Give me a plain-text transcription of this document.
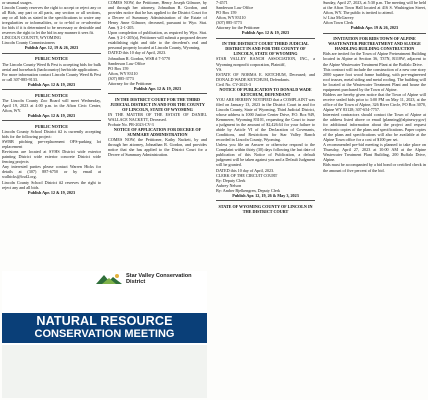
or unusual usages.

Lincoln County reserves the right to accept or reject any or all Bids, any part or all parts, any section or all sections, any or all bids as stated in the specifications to waive any irregularities or informalities, or to re-bid or re-advertise for bids if it is determined to be necessary or desirable and reserves the right to let the bid in any manner it sees fit.

LINCOLN COUNTY, WYOMING

Lincoln County Commissioners

Publish Apr. 12, 19 & 26, 2023

PUBLIC NOTICE

The Lincoln County Weed & Pest is accepting bids for bulk aerial and horseback (backcountry) herbicide applications.

For more information contact Lincoln County Weed & Pest or call 307-885-9133.

Publish Apr. 12 & 19, 2023

PUBLIC NOTICE

The Lincoln County Zoo Board will meet Wednesday, April 19, 2023 at 4:00 p.m. in the Afton Civic Center, Afton, WY.

Publish Apr. 12 & 19, 2023

PUBLIC NOTICE

Lincoln County School District #2 is currently accepting bids for the following project:

SWBB pitching pre-replacement OFS-parking lot replacement

Revisions are located at SVHS District wide exterior painting District wide exterior concrete District wide fencing projects

Any interested parties please contact Warren Hicks for details at (307) 887-6750 or by email at walhicks@lcsd2.org.

Lincoln County School District #2 reserves the right to reject any and all bids.

Publish Apr. 12 & 19, 2023

COMES NOW, the Petitioner, Henry Joseph Gilmore, by and through her attorney, Johnathan R. Gordon, and provides notice that he has applied to the District Court for a Decree of Summary Administration of the Estate of Henry Anne Gilmore, deceased, pursuant to Wyo. Stat. Ann. § 2-1-205.

Upon completion of publication, as required by Wyo. Stat. Ann. § 2-1-205(a), Petitioner will submit a proposed decree establishing right and title to the decedent's real and personal property located at Lincoln County, Wyoming.

DATED this 10 day of April, 2023.

Johnathan R. Gordon, WSB # 7-5770

Sanderson Law Office

PO Box 159

Afton, WY 83110

(307) 885-3773

Attorney for the Petitioner

Publish Apr. 12 & 19, 2023

IN THE DISTRICT COURT FOR THE THIRD JUDICIAL DISTRICT IN AND FOR THE COUNTY OF LINCOLN, STATE OF WYOMING

IN THE MATTER OF THE ESTATE OF DANIEL WALLACE NACKETT, Deceased.

Probate No. PR-2023-CV-3

NOTICE OF APPLICATION FOR DECREE OF SUMMARY ADMINISTRATION

COMES NOW, the Petitioner, Kathy Nackett, by and through her attorney, Johnathan R. Gordon, and provides notice that she has applied to the District Court for a Decree of Summary Administration.

7-4571

Sanderson Law Office

PO Box 159

Afton, WY 83110

(307) 885-3773

Attorney for the Petitioner

Publish Apr. 12 & 19, 2023

IN THE DISTRICT COURT THIRD JUDICIAL DISTRICT IN AND FOR THE COUNTY OF LINCOLN, STATE OF WYOMING

STAR VALLEY RANCH ASSOCIATION, INC., a Wyoming nonprofit corporation, Plaintiff,

VS.

ESTATE OF NORMA E. KETCHUM, Deceased; and DONALD WADE KETCHUM, Defendants.

Civil No. CV-2023-3

NOTICE OF PUBLICATION TO DONALD WADE KETCHUM, DEFENDANT

YOU ARE HEREBY NOTIFIED that a COMPLAINT was filed on January 13, 2023 in the District Court in and for Lincoln County, State of Wyoming, Third Judicial District, whose address is 1000 Justice Center Drive, P.O. Box 949, Kemmerer, Wyoming 83101, requesting the Court to issue a judgment in the amount of $2,426.64 for your failure to abide by Article VI of the Declaration of Covenants, Conditions, and Restrictions for Star Valley Ranch recorded in Lincoln County, Wyoming.

Unless you file an Answer or otherwise respond to the Complaint within thirty (30) days following the last date of publication of this Notice of Publication, a default judgment will be taken against you and a Default Judgment will be granted.

DATED this 10 day of April, 2023.

CLERK OF THE CIRCUIT COURT

By: Deputy Clerk

Aubrey Nelson

By: Amber Bjelkengren, Deputy Clerk

Publish Apr. 12, 19, 26 & May 3, 2023

STATE OF WYOMING COUNTY OF LINCOLN IN THE DISTRICT COURT

Sunday, April 27, 2023, at 5:30 p.m. The meeting will be held at the Afton Town Hall located at 416 S. Washington Street, Afton, WY. The public is invited to attend.

/s/ Lisa McGarvey

Afton Town Clerk

Publish Apr. 19 & 26, 2023

INVITATION FOR BIDS TOWN OF ALPINE WASTEWATER PRETREATMENT AND SLUDGE HANDLING BUILDING CONSTRUCTION

Bids are invited for the Town of Alpine Pretreatment Building located in Alpine at Section 36, T37N, R118W, adjacent to the Alpine Wastewater Treatment Plant at the Buffalo Drive.

This contract will include the construction of a new one story 2000 square foot wood frame building, with pre-engineered roof trusses, metal siding and metal roofing. The building will be located at the Wastewater Treatment Plant and house the equipment purchased by the Town of Alpine.

Bidders are hereby given notice that the Town of Alpine will receive sealed bids prior to 3:00 PM on May 11, 2023, at the office of the Town of Alpine, 326 River Circle, PO Box 3070, Alpine WY 83128; 307-654-7757.

Interested contractors should contact the Town of Alpine at the address listed above or email (planning@alpinewy.gov) for additional information about the project and request electronic copies of the plans and specifications. Paper copies of the plans and specifications will also be available at the Alpine Town office for a cost of $100 per set.

A recommended pre-bid meeting is planned to take place on Thursday, April 27, 2023 at 10:00 AM at the Alpine Wastewater Treatment Plant Building, 200 Buffalo Drive, Alpine.

Bids must be accompanied by a bid bond or certified check in the amount of five percent of the bid.

Star Valley Conservation District
NATURAL RESOURCE
CONSERVATION MEETING
